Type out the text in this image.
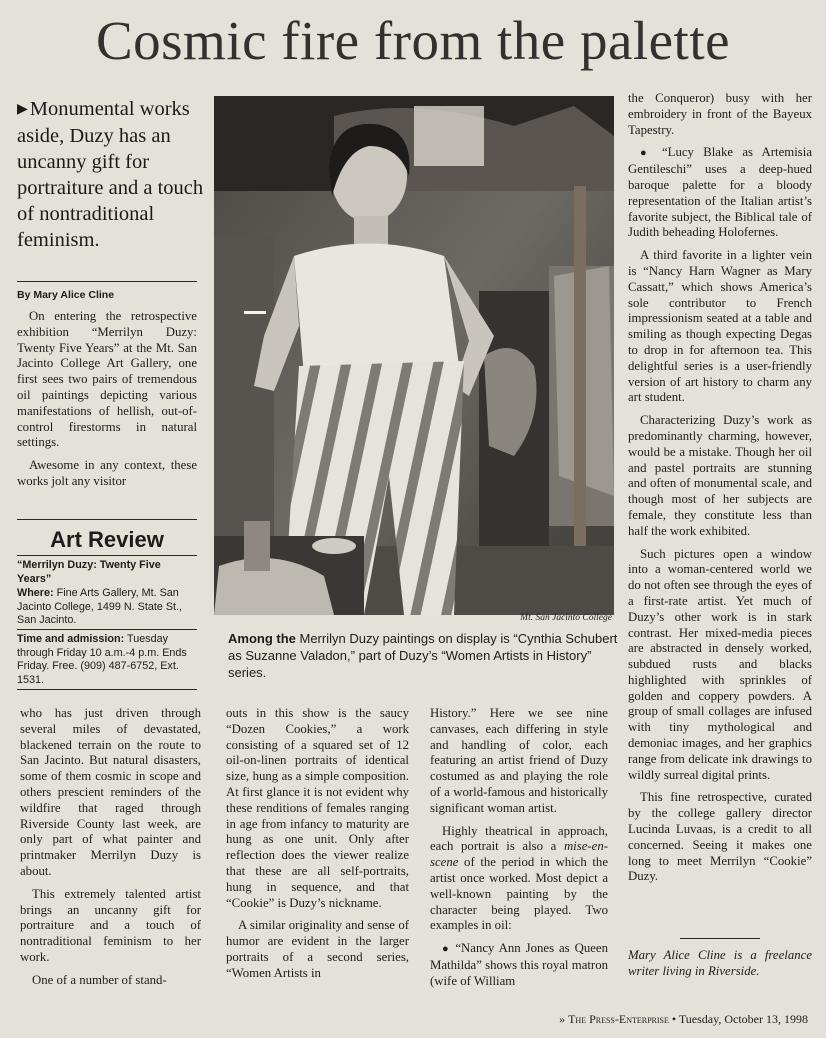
Cosmic fire from the palette
▶Monumental works aside, Duzy has an uncanny gift for portraiture and a touch of nontraditional feminism.
By Mary Alice Cline

On entering the retrospective exhibition “Merrilyn Duzy: Twenty Five Years” at the Mt. San Jacinto College Art Gallery, one first sees two pairs of tremendous oil paintings depicting various manifestations of hellish, out-of-control firestorms in natural settings.

Awesome in any context, these works jolt any visitor

Art Review
“Merrilyn Duzy: Twenty Five Years”
Where: Fine Arts Gallery, Mt. San Jacinto College, 1499 N. State St., San Jacinto.
Time and admission: Tuesday through Friday 10 a.m.-4 p.m. Ends Friday. Free. (909) 487-6752, Ext. 1531.
Mt. San Jacinto College
Among the Merrilyn Duzy paintings on display is “Cynthia Schubert as Suzanne Valadon,” part of Duzy’s “Women Artists in History” series.

who has just driven through several miles of devastated, blackened terrain on the route to San Jacinto. But natural disasters, some of them cosmic in scope and others prescient reminders of the wildfire that raged through Riverside County last week, are only part of what painter and printmaker Merrilyn Duzy is about.

This extremely talented artist brings an uncanny gift for portraiture and a touch of nontraditional feminism to her work.

One of a number of stand-

outs in this show is the saucy “Dozen Cookies,” a work consisting of a squared set of 12 oil-on-linen portraits of identical size, hung as a simple composition. At first glance it is not evident why these renditions of females ranging in age from infancy to maturity are hung as one unit. Only after reflection does the viewer realize that these are all self-portraits, hung in sequence, and that “Cookie” is Duzy’s nickname.

A similar originality and sense of humor are evident in the larger portraits of a second series, “Women Artists in

History.” Here we see nine canvases, each differing in style and handling of color, each featuring an artist friend of Duzy costumed as and playing the role of a world-famous and historically significant woman artist.

Highly theatrical in approach, each portrait is also a mise-en-scene of the period in which the artist once worked. Most depict a well-known painting by the character being played. Two examples in oil:

● “Nancy Ann Jones as Queen Mathilda” shows this royal matron (wife of William

the Conqueror) busy with her embroidery in front of the Bayeux Tapestry.

● “Lucy Blake as Artemisia Gentileschi” uses a deep-hued baroque palette for a bloody representation of the Italian artist’s favorite subject, the Biblical tale of Judith beheading Holofernes.

A third favorite in a lighter vein is “Nancy Harn Wagner as Mary Cassatt,” which shows America’s sole contributor to French impressionism seated at a table and smiling as though expecting Degas to drop in for afternoon tea. This delightful series is a user-friendly version of art history to charm any art student.

Characterizing Duzy’s work as predominantly charming, however, would be a mistake. Though her oil and pastel portraits are stunning and often of monumental scale, and though most of her subjects are female, they constitute less than half the work exhibited.

Such pictures open a window into a woman-centered world we do not often see through the eyes of a first-rate artist. Yet much of Duzy’s other work is in stark contrast. Her mixed-media pieces are abstracted in densely worked, subdued rusts and blacks highlighted with sprinkles of golden and coppery powders. A group of small collages are infused with tiny mythological and demoniac images, and her graphics range from delicate ink drawings to wildly surreal digital prints.

This fine retrospective, curated by the college gallery director Lucinda Luvaas, is a credit to all concerned. Seeing it makes one long to meet Merrilyn “Cookie” Duzy.

Mary Alice Cline is a freelance writer living in Riverside.

» The Press-Enterprise • Tuesday, October 13, 1998
